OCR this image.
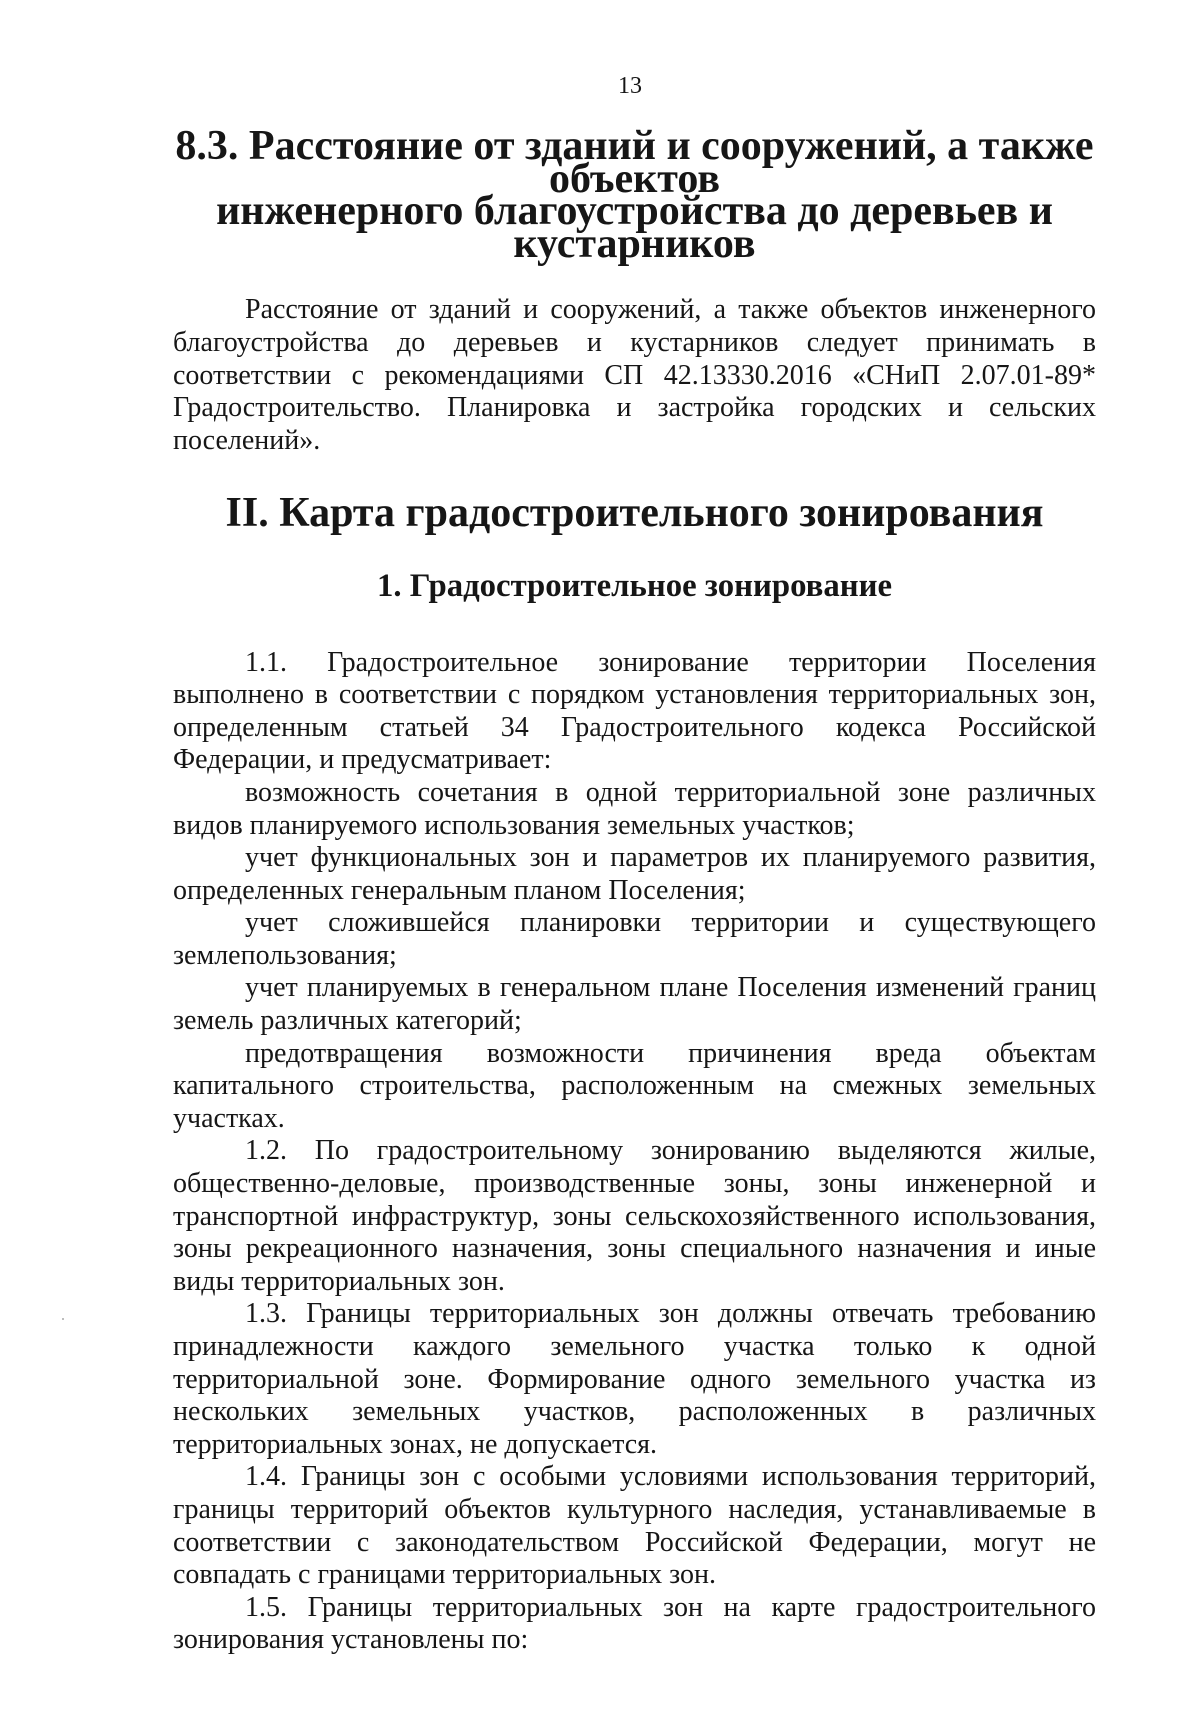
13
8.3. Расстояние от зданий и сооружений, а также объектов
инженерного благоустройства до деревьев и кустарников

Расстояние от зданий и сооружений, а также объектов инженерного благоустройства до деревьев и кустарников следует принимать в соответствии с рекомендациями СП 42.13330.2016 «СНиП 2.07.01-89* Градостроительство. Планировка и застройка городских и сельских поселений».

II. Карта градостроительного зонирования
1. Градостроительное зонирование

1.1. Градостроительное зонирование территории Поселения выполнено в соответствии с порядком установления территориальных зон, определенным статьей 34 Градостроительного кодекса Российской Федерации, и предусматривает:

возможность сочетания в одной территориальной зоне различных видов планируемого использования земельных участков;

учет функциональных зон и параметров их планируемого развития, определенных генеральным планом Поселения;

учет сложившейся планировки территории и существующего землепользования;

учет планируемых в генеральном плане Поселения изменений границ земель различных категорий;

предотвращения возможности причинения вреда объектам капитального строительства, расположенным на смежных земельных участках.

1.2. По градостроительному зонированию выделяются жилые, общественно-деловые, производственные зоны, зоны инженерной и транспортной инфраструктур, зоны сельскохозяйственного использования, зоны рекреационного назначения, зоны специального назначения и иные виды территориальных зон.

1.3. Границы территориальных зон должны отвечать требованию принадлежности каждого земельного участка только к одной территориальной зоне. Формирование одного земельного участка из нескольких земельных участков, расположенных в различных территориальных зонах, не допускается.

1.4. Границы зон с особыми условиями использования территорий, границы территорий объектов культурного наследия, устанавливаемые в соответствии с законодательством Российской Федерации, могут не совпадать с границами территориальных зон.

1.5. Границы территориальных зон на карте градостроительного зонирования установлены по:
